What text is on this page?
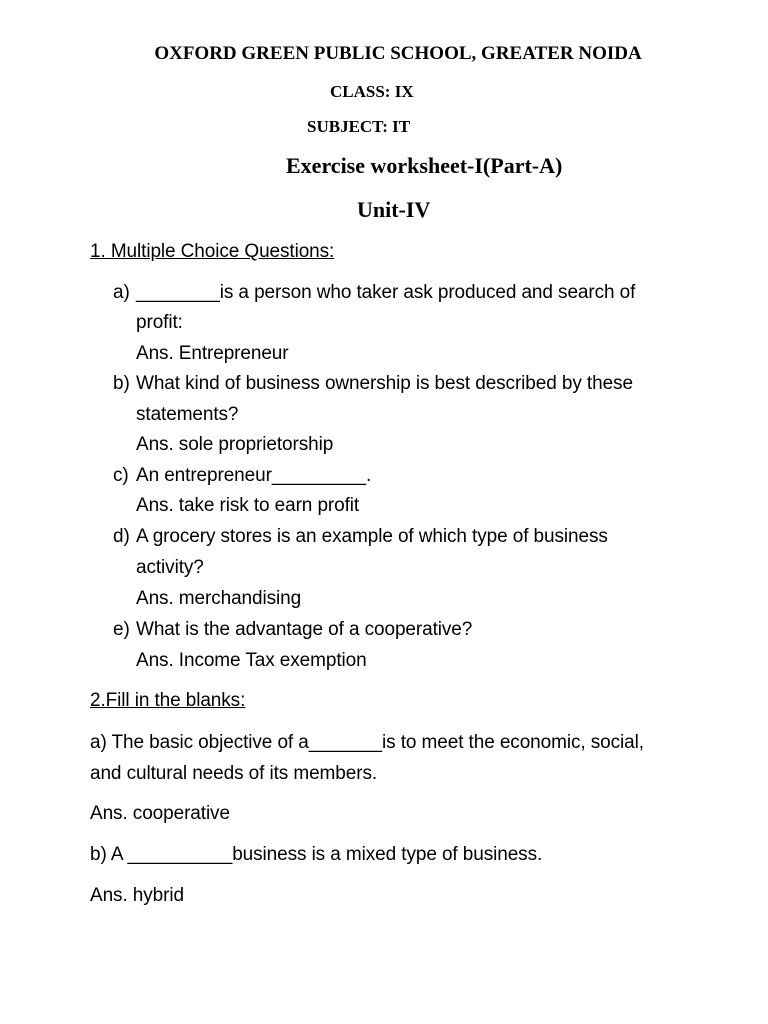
OXFORD GREEN PUBLIC SCHOOL, GREATER NOIDA
CLASS: IX
SUBJECT: IT
Exercise worksheet-I(Part-A)
Unit-IV
1. Multiple Choice Questions:
a) ________is a person who taker ask produced and search of
profit:
Ans. Entrepreneur
b) What kind of business ownership is best described by these
statements?
Ans. sole proprietorship
c) An entrepreneur_________.
Ans. take risk to earn profit
d) A grocery stores is an example of which type of business
activity?
Ans. merchandising
e) What is the advantage of a cooperative?
Ans. Income Tax exemption
2.Fill in the blanks:
a) The basic objective of a_______is to meet the economic, social,
and cultural needs of its members.
Ans. cooperative
b) A __________business is a mixed type of business.
Ans. hybrid
